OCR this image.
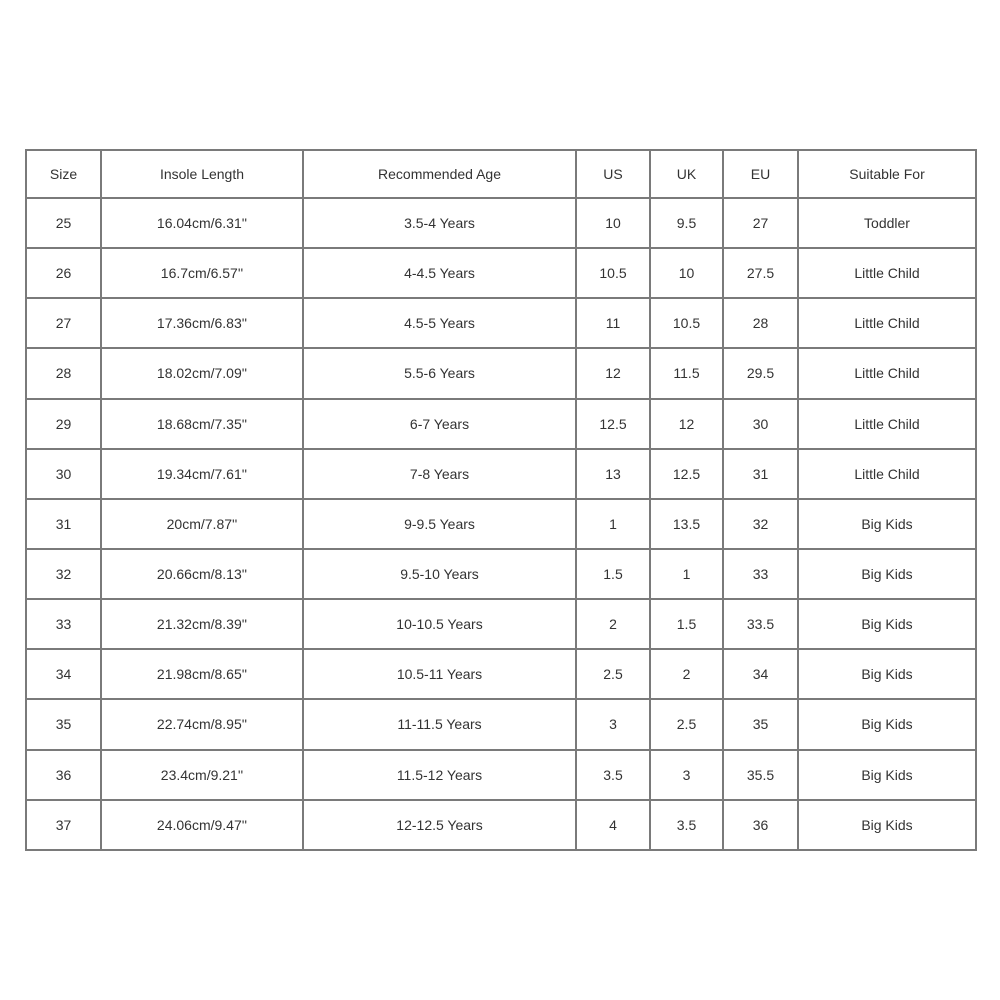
Size	Insole Length	Recommended Age	US	UK	EU	Suitable For
25	16.04cm/6.31''	3.5-4 Years	10	9.5	27	Toddler
26	16.7cm/6.57''	4-4.5 Years	10.5	10	27.5	Little Child
27	17.36cm/6.83''	4.5-5 Years	11	10.5	28	Little Child
28	18.02cm/7.09''	5.5-6 Years	12	11.5	29.5	Little Child
29	18.68cm/7.35''	6-7 Years	12.5	12	30	Little Child
30	19.34cm/7.61''	7-8 Years	13	12.5	31	Little Child
31	20cm/7.87''	9-9.5 Years	1	13.5	32	Big Kids
32	20.66cm/8.13''	9.5-10 Years	1.5	1	33	Big Kids
33	21.32cm/8.39''	10-10.5 Years	2	1.5	33.5	Big Kids
34	21.98cm/8.65''	10.5-11 Years	2.5	2	34	Big Kids
35	22.74cm/8.95''	11-11.5 Years	3	2.5	35	Big Kids
36	23.4cm/9.21''	11.5-12 Years	3.5	3	35.5	Big Kids
37	24.06cm/9.47''	12-12.5 Years	4	3.5	36	Big Kids
